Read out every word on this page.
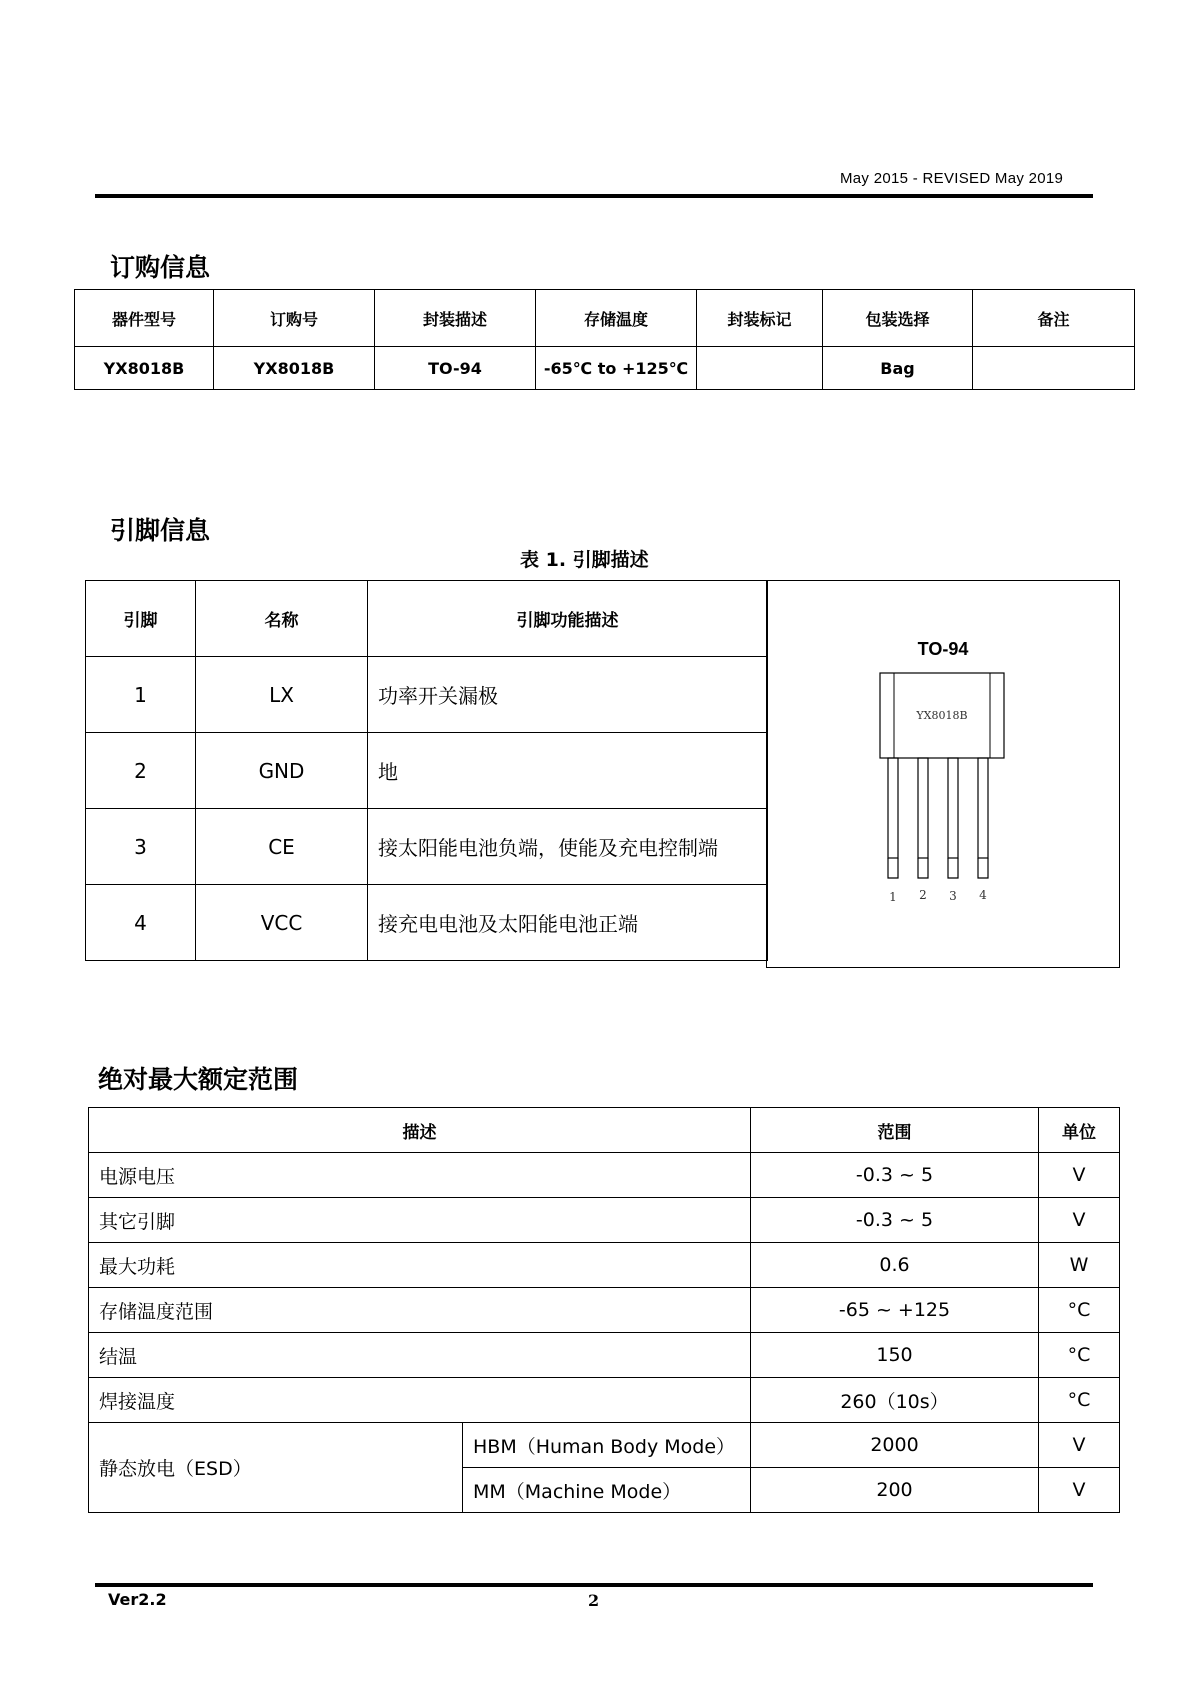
May 2015 - REVISED May 2019
订购信息
器件型号	订购号	封装描述	存储温度	封装标记	包装选择	备注
YX8018B	YX8018B	TO-94	-65℃ to +125℃		Bag	
引脚信息
表 1. 引脚描述
引脚	名称	引脚功能描述
1	LX	功率开关漏极
2	GND	地
3	CE	接太阳能电池负端，使能及充电控制端
4	VCC	接充电电池及太阳能电池正端
TO-94
YX8018B
1 2 3 4
绝对最大额定范围
描述		范围	单位
电源电压		-0.3 ~ 5	V
其它引脚		-0.3 ~ 5	V
最大功耗		0.6	W
存储温度范围		-65 ~ +125	°C
结温		150	°C
焊接温度		260（10s）	°C
静态放电（ESD）	HBM（Human Body Mode）	2000	V
	MM（Machine Mode）	200	V
Ver2.2	2
